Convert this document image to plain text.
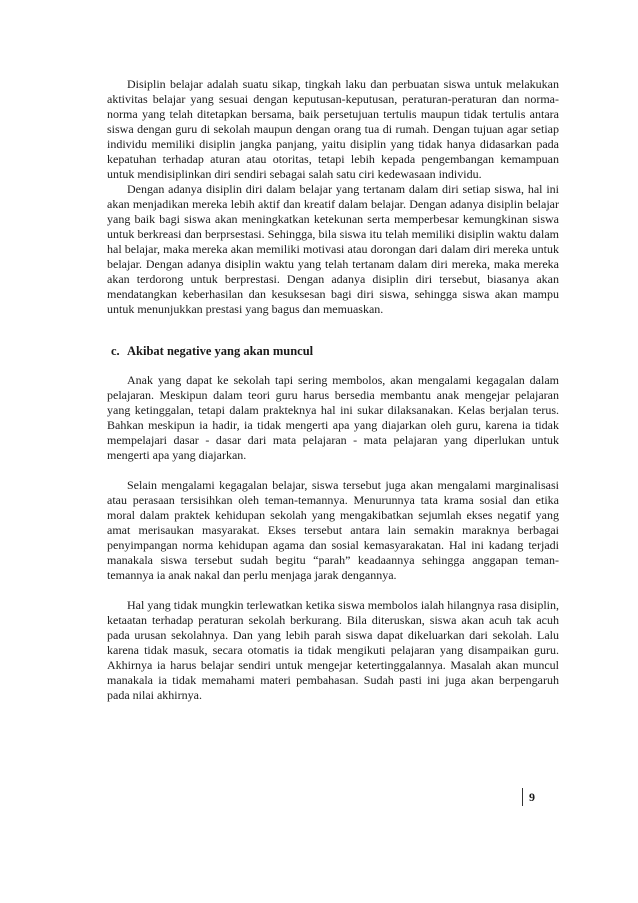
Disiplin belajar adalah suatu sikap, tingkah laku dan perbuatan siswa untuk melakukan aktivitas belajar yang sesuai dengan keputusan-keputusan, peraturan-peraturan dan norma-norma yang telah ditetapkan bersama, baik persetujuan tertulis maupun tidak tertulis antara siswa dengan guru di sekolah maupun dengan orang tua di rumah. Dengan tujuan agar setiap individu memiliki disiplin jangka panjang, yaitu disiplin yang tidak hanya didasarkan pada kepatuhan terhadap aturan atau otoritas, tetapi lebih kepada pengembangan kemampuan untuk mendisiplinkan diri sendiri sebagai salah satu ciri kedewasaan individu.

Dengan adanya disiplin diri dalam belajar yang tertanam dalam diri setiap siswa, hal ini akan menjadikan mereka lebih aktif dan kreatif dalam belajar. Dengan adanya disiplin belajar yang baik bagi siswa akan meningkatkan ketekunan serta memperbesar kemungkinan siswa untuk berkreasi dan berprsestasi. Sehingga, bila siswa itu telah memiliki disiplin waktu dalam hal belajar, maka mereka akan memiliki motivasi atau dorongan dari dalam diri mereka untuk belajar. Dengan adanya disiplin waktu yang telah tertanam dalam diri mereka, maka mereka akan terdorong untuk berprestasi. Dengan adanya disiplin diri tersebut, biasanya akan mendatangkan keberhasilan dan kesuksesan bagi diri siswa, sehingga siswa akan mampu untuk menunjukkan prestasi yang bagus dan memuaskan.

c. Akibat negative yang akan muncul

Anak yang dapat ke sekolah tapi sering membolos, akan mengalami kegagalan dalam pelajaran. Meskipun dalam teori guru harus bersedia membantu anak mengejar pelajaran yang ketinggalan, tetapi dalam prakteknya hal ini sukar dilaksanakan. Kelas berjalan terus. Bahkan meskipun ia hadir, ia tidak mengerti apa yang diajarkan oleh guru, karena ia tidak mempelajari dasar - dasar dari mata pelajaran - mata pelajaran yang diperlukan untuk mengerti apa yang diajarkan.

Selain mengalami kegagalan belajar, siswa tersebut juga akan mengalami marginalisasi atau perasaan tersisihkan oleh teman-temannya. Menurunnya tata krama sosial dan etika moral dalam praktek kehidupan sekolah yang mengakibatkan sejumlah ekses negatif yang amat merisaukan masyarakat. Ekses tersebut antara lain semakin maraknya berbagai penyimpangan norma kehidupan agama dan sosial kemasyarakatan. Hal ini kadang terjadi manakala siswa tersebut sudah begitu “parah” keadaannya sehingga anggapan teman-temannya ia anak nakal dan perlu menjaga jarak dengannya.

Hal yang tidak mungkin terlewatkan ketika siswa membolos ialah hilangnya rasa disiplin, ketaatan terhadap peraturan sekolah berkurang. Bila diteruskan, siswa akan acuh tak acuh pada urusan sekolahnya. Dan yang lebih parah siswa dapat dikeluarkan dari sekolah. Lalu karena tidak masuk, secara otomatis ia tidak mengikuti pelajaran yang disampaikan guru. Akhirnya ia harus belajar sendiri untuk mengejar ketertinggalannya. Masalah akan muncul manakala ia tidak memahami materi pembahasan. Sudah pasti ini juga akan berpengaruh pada nilai akhirnya.

9
